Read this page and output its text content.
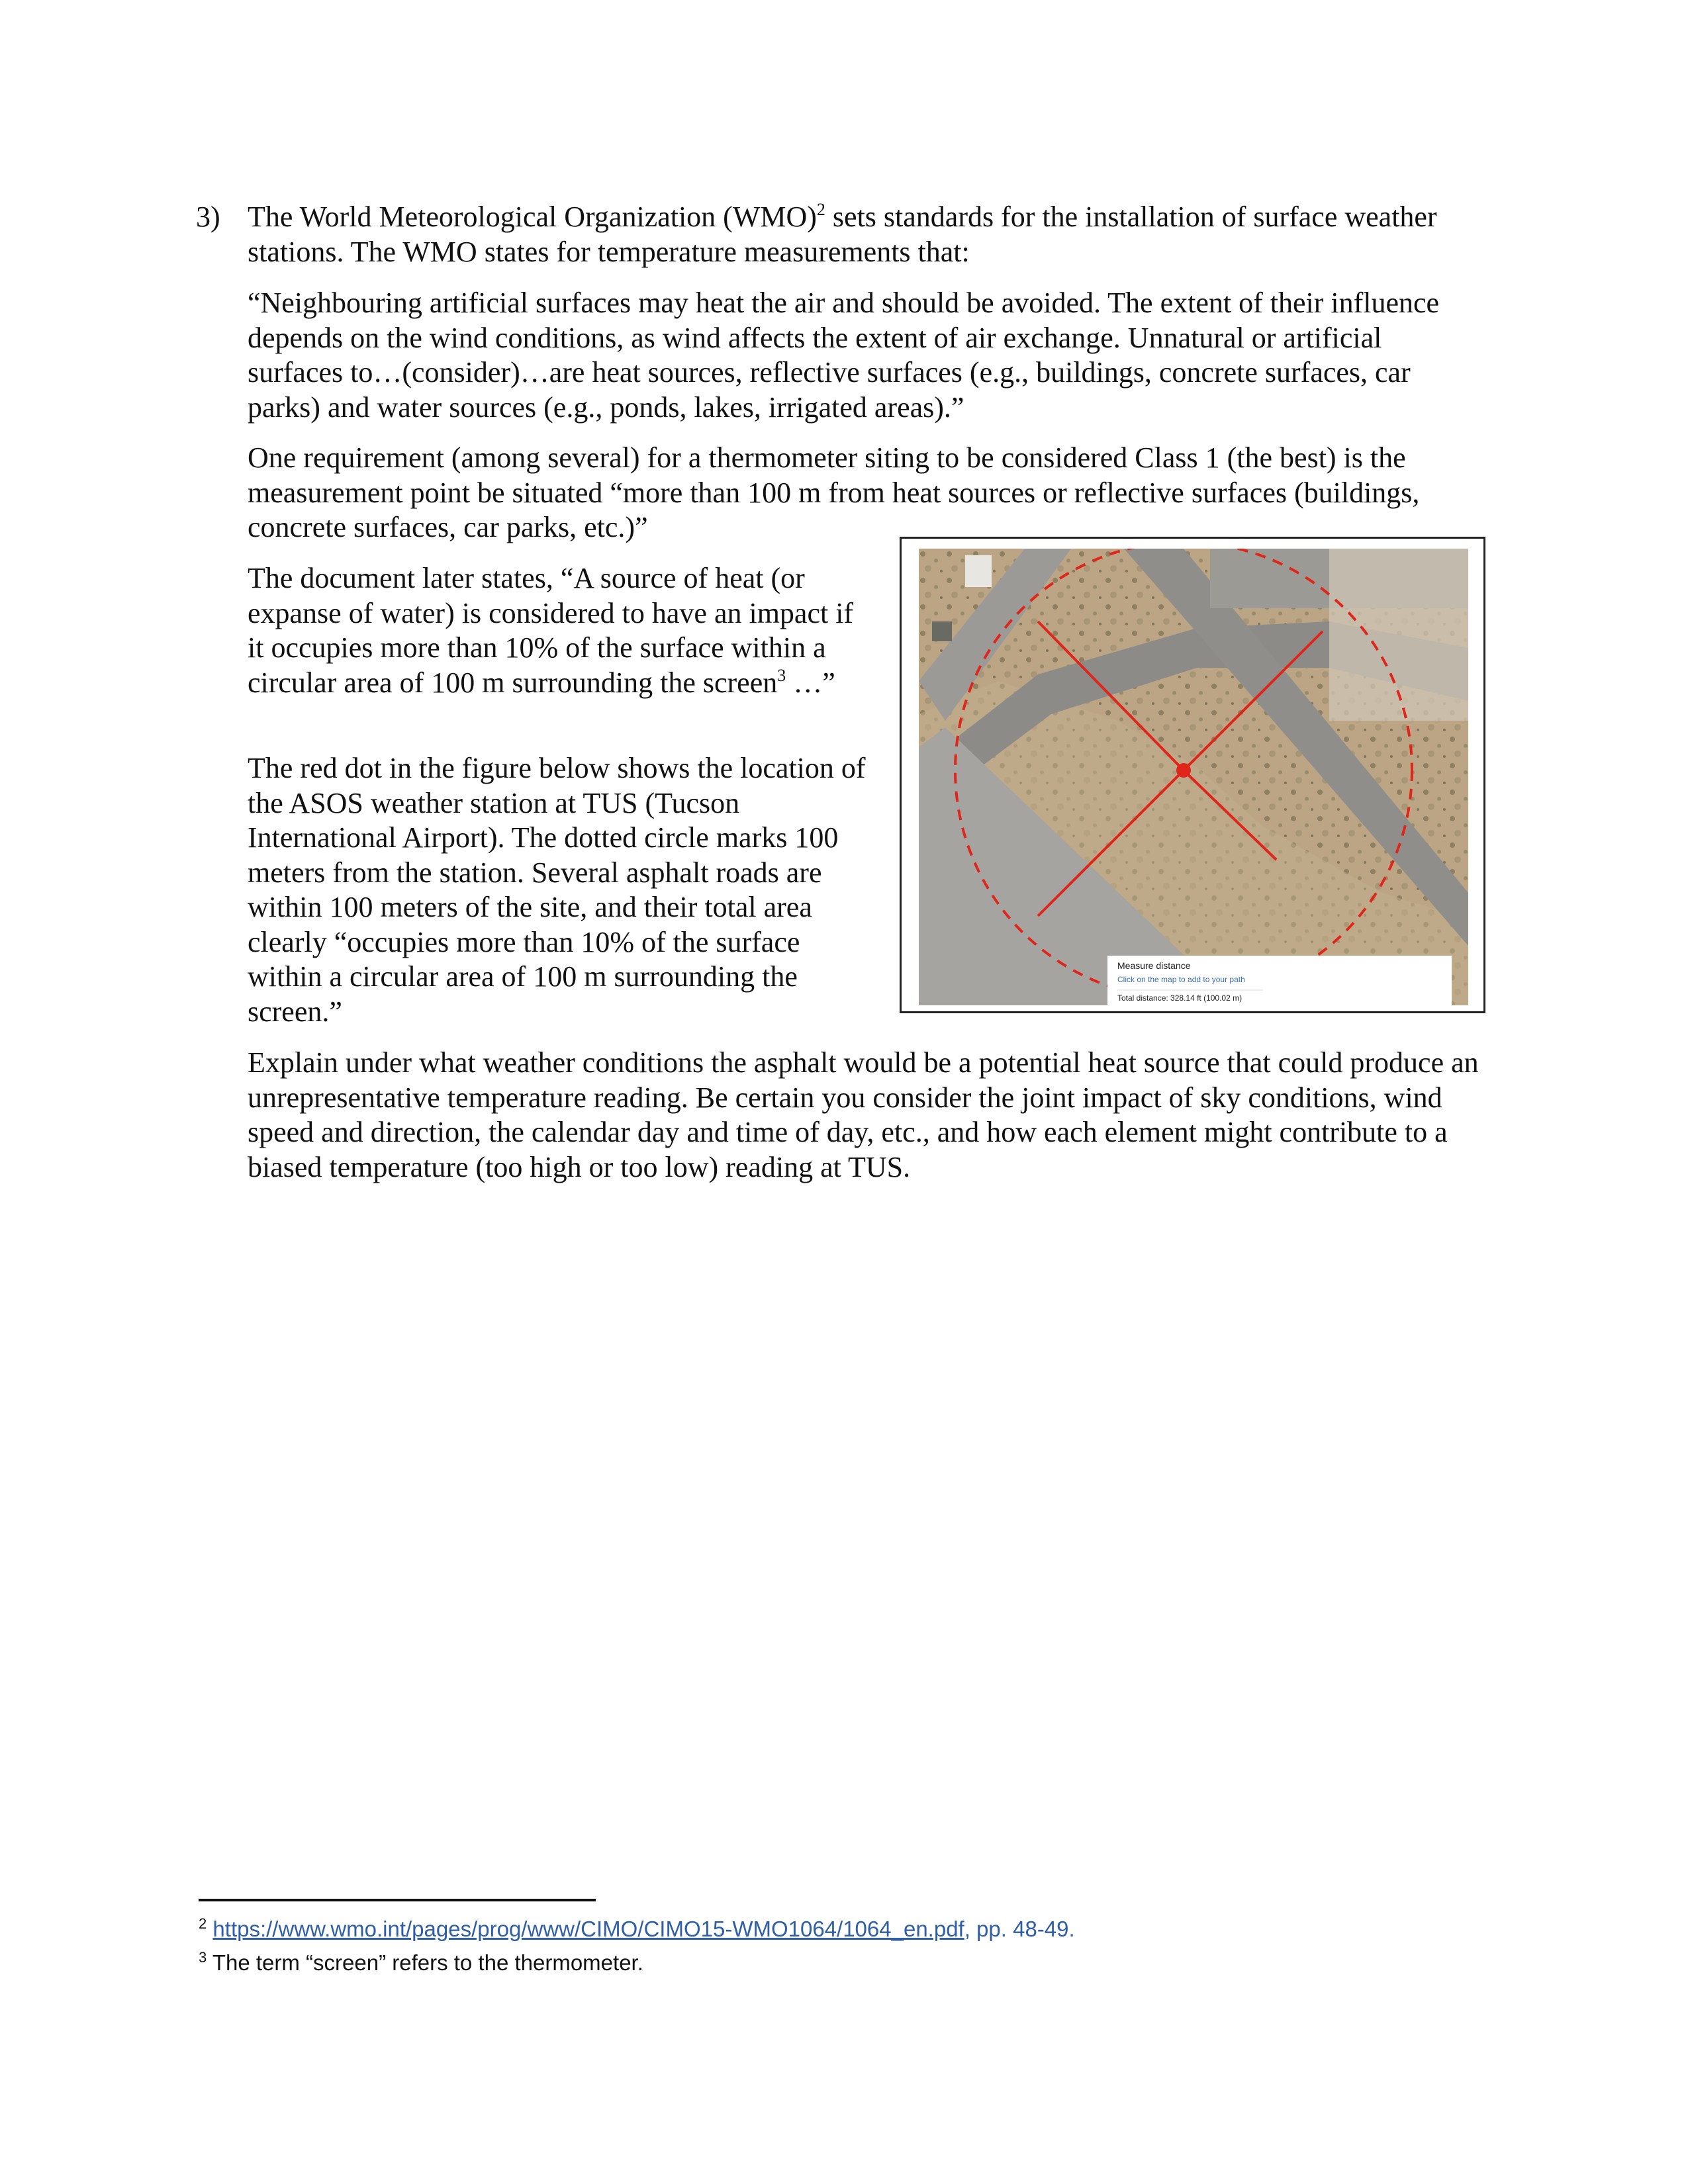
3) The World Meteorological Organization (WMO)$^2$ sets standards for the installation of surface weather stations. The WMO states for temperature measurements that:
“Neighbouring artificial surfaces may heat the air and should be avoided. The extent of their influence depends on the wind conditions, as wind affects the extent of air exchange. Unnatural or artificial surfaces to…(consider)…are heat sources, reflective surfaces (e.g., buildings, concrete surfaces, car parks) and water sources (e.g., ponds, lakes, irrigated areas).”
One requirement (among several) for a thermometer siting to be considered Class 1 (the best) is the measurement point be situated “more than 100 m from heat sources or reflective surfaces (buildings, concrete surfaces, car parks, etc.)”
The document later states, “A source of heat (or expanse of water) is considered to have an impact if it occupies more than 10% of the surface within a circular area of 100 m surrounding the screen$^3$ …”
The red dot in the figure below shows the location of the ASOS weather station at TUS (Tucson International Airport). The dotted circle marks 100 meters from the station. Several asphalt roads are within 100 meters of the site, and their total area clearly “occupies more than 10% of the surface within a circular area of 100 m surrounding the screen.”
Explain under what weather conditions the asphalt would be a potential heat source that could produce an unrepresentative temperature reading. Be certain you consider the joint impact of sky conditions, wind speed and direction, the calendar day and time of day, etc., and how each element might contribute to a biased temperature (too high or too low) reading at TUS.
Measure distance
Click on the map to add to your path
Total distance: 328.14 ft (100.02 m)
$^2$ https://www.wmo.int/pages/prog/www/CIMO/CIMO15-WMO1064/1064_en.pdf, pp. 48-49.
$^3$ The term “screen” refers to the thermometer.
